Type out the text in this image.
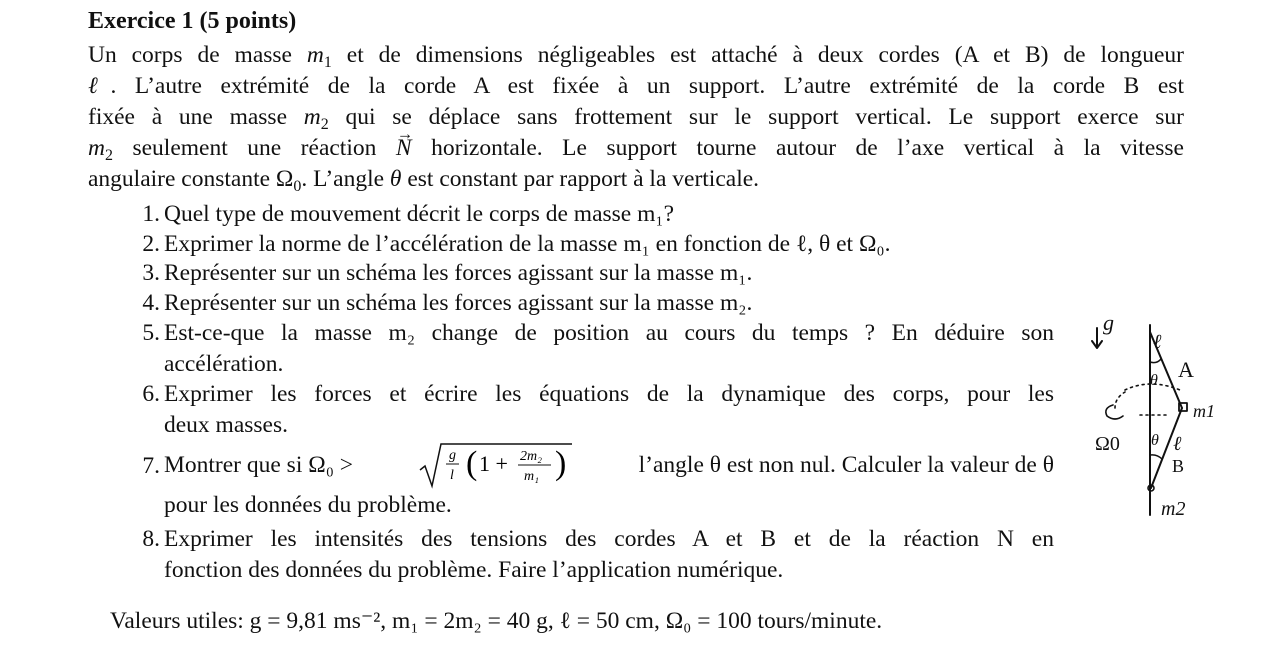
Exercice 1 (5 points)
Un corps de masse $m_1$ et de dimensions négligeables est attaché à deux cordes (A et B) de longueur
ℓ. L’autre extrémité de la corde A est fixée à un support. L’autre extrémité de la corde B est
fixée à une masse $m_2$ qui se déplace sans frottement sur le support vertical. Le support exerce sur
$m_2$ seulement une réaction → N horizontale. Le support tourne autour de l’axe vertical à la vitesse
angulaire constante $\Omega_0$. L’angle θ est constant par rapport à la verticale.
1. Quel type de mouvement décrit le corps de masse m₁?
2. Exprimer la norme de l’accélération de la masse m₁ en fonction de ℓ, θ et Ω₀.
3. Représenter sur un schéma les forces agissant sur la masse m₁.
4. Représenter sur un schéma les forces agissant sur la masse m₂.
5. Est-ce-que la masse m₂ change de position au cours du temps ? En déduire son
accélération.
6. Exprimer les forces et écrire les équations de la dynamique des corps, pour les
deux masses.
7. Montrer que si Ω₀ >	g
l ( 1 + 2m₂
m₁ )	l’angle θ est non nul. Calculer la valeur de θ
pour les données du problème.
8. Exprimer les intensités des tensions des cordes A et B et de la réaction N en
fonction des données du problème. Faire l’application numérique.
Valeurs utiles: g = 9,81 ms⁻², m₁ = 2m₂ = 40 g, ℓ = 50 cm, Ω₀ = 100 tours/minute.
g
ℓ
A
θ
m1
Ω0 θ ℓ
B
m2
